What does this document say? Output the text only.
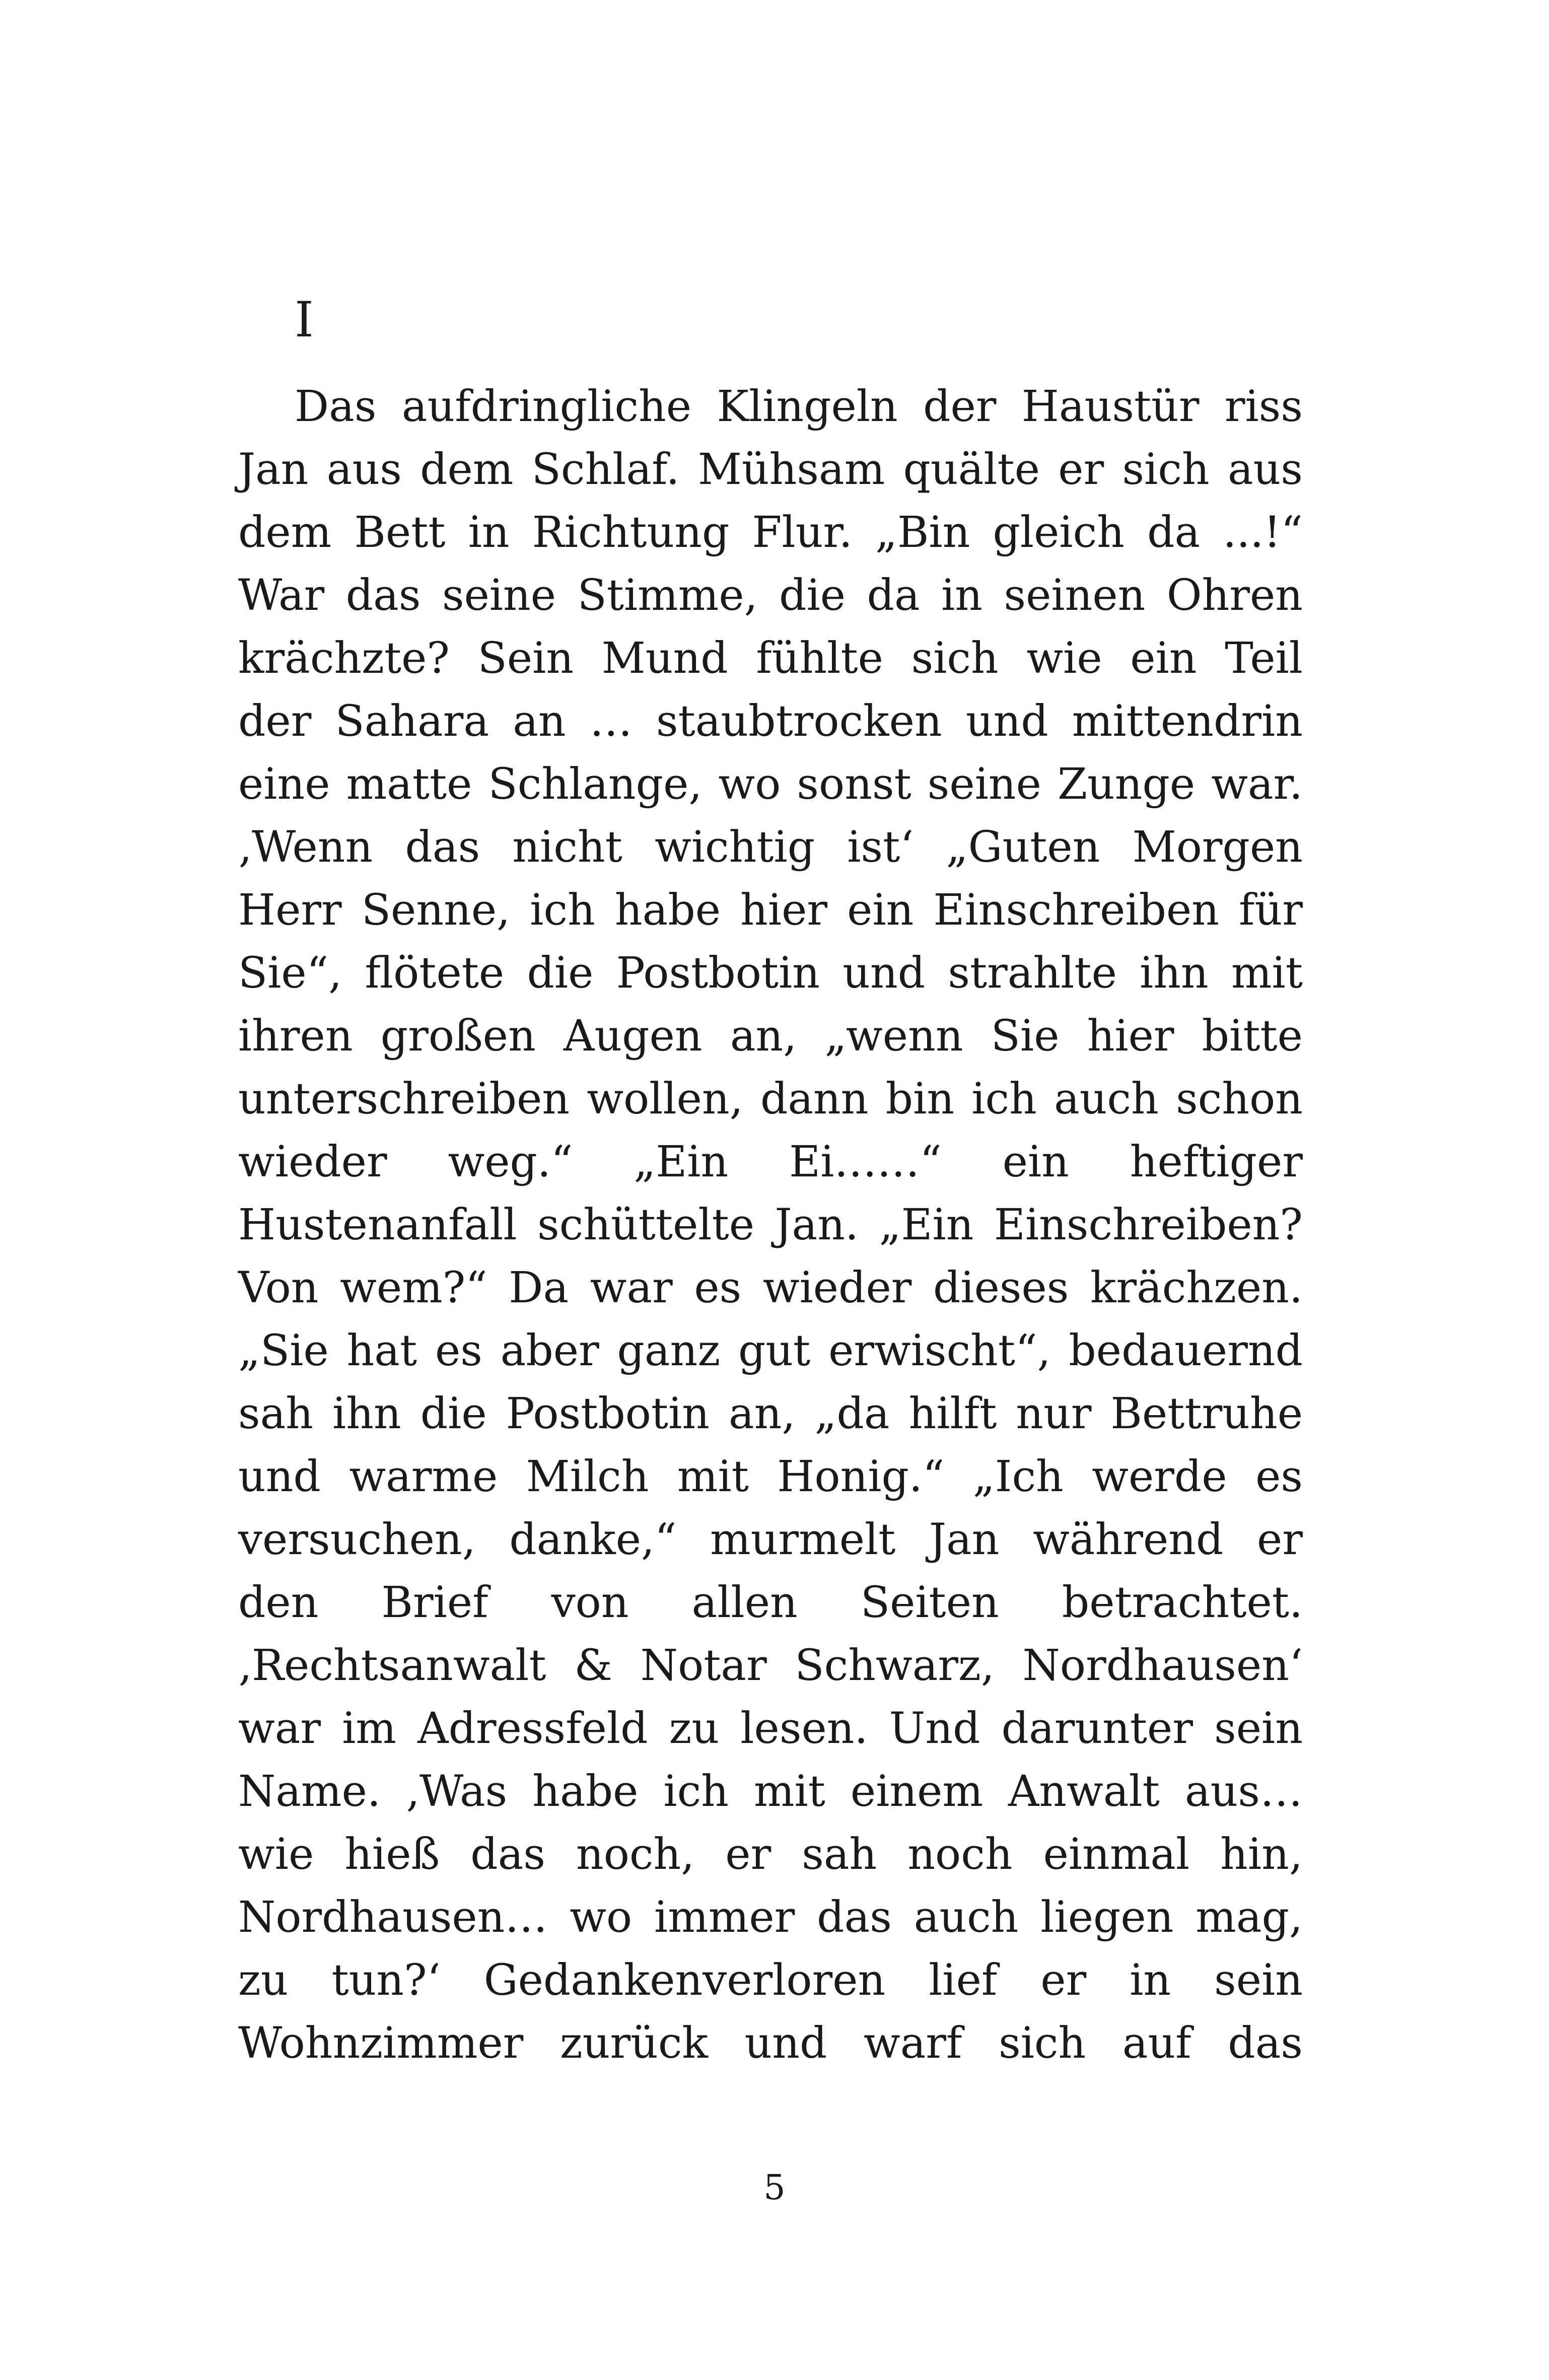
I
Das aufdringliche Klingeln der Haustür riss
Jan aus dem Schlaf. Mühsam quälte er sich aus
dem Bett in Richtung Flur. „Bin gleich da ...!“
War das seine Stimme, die da in seinen Ohren
krächzte? Sein Mund fühlte sich wie ein Teil
der Sahara an … staubtrocken und mittendrin
eine matte Schlange, wo sonst seine Zunge war.
‚Wenn das nicht wichtig ist‘ „Guten Morgen
Herr Senne, ich habe hier ein Einschreiben für
Sie“, flötete die Postbotin und strahlte ihn mit
ihren großen Augen an, „wenn Sie hier bitte
unterschreiben wollen, dann bin ich auch schon
wieder weg.“ „Ein Ei……“ ein heftiger
Hustenanfall schüttelte Jan. „Ein Einschreiben?
Von wem?“ Da war es wieder dieses krächzen.
„Sie hat es aber ganz gut erwischt“, bedauernd
sah ihn die Postbotin an, „da hilft nur Bettruhe
und warme Milch mit Honig.“ „Ich werde es
versuchen, danke,“ murmelt Jan während er
den Brief von allen Seiten betrachtet.
‚Rechtsanwalt & Notar Schwarz, Nordhausen‘
war im Adressfeld zu lesen. Und darunter sein
Name. ‚Was habe ich mit einem Anwalt aus…
wie hieß das noch, er sah noch einmal hin,
Nordhausen… wo immer das auch liegen mag,
zu tun?‘ Gedankenverloren lief er in sein
Wohnzimmer zurück und warf sich auf das
5
